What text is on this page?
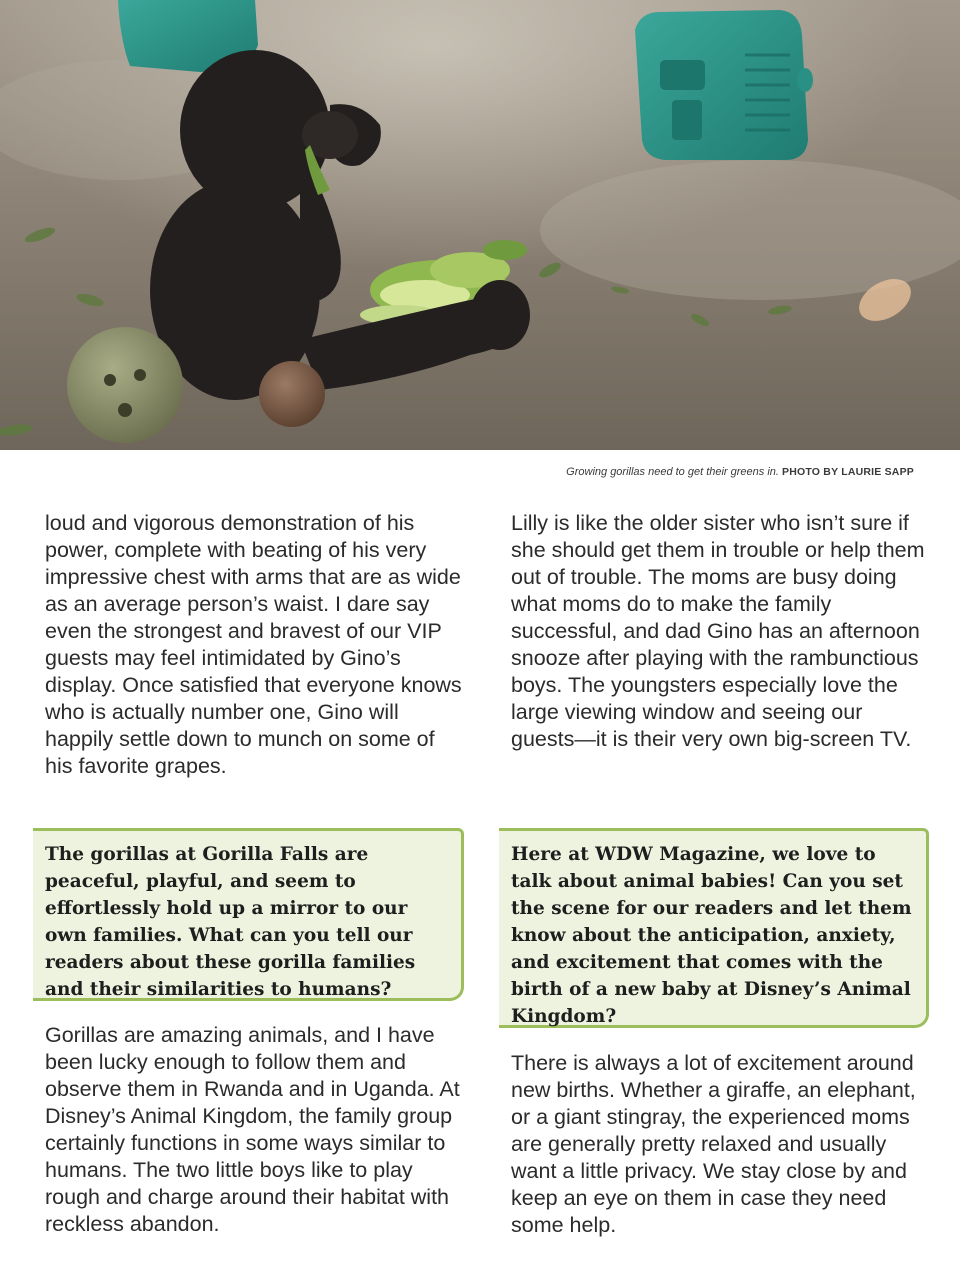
Growing gorillas need to get their greens in. PHOTO BY LAURIE SAPP

loud and vigorous demonstration of his power, complete with beating of his very impressive chest with arms that are as wide as an average person’s waist. I dare say even the strongest and bravest of our VIP guests may feel intimidated by Gino’s display. Once satisfied that everyone knows who is actually number one, Gino will happily settle down to munch on some of his favorite grapes.

The gorillas at Gorilla Falls are peaceful, playful, and seem to effortlessly hold up a mirror to our own families. What can you tell our readers about these gorilla families and their similarities to humans?

Gorillas are amazing animals, and I have been lucky enough to follow them and observe them in Rwanda and in Uganda. At Disney’s Animal Kingdom, the family group certainly functions in some ways similar to humans. The two little boys like to play rough and charge around their habitat with reckless abandon.

Lilly is like the older sister who isn’t sure if she should get them in trouble or help them out of trouble. The moms are busy doing what moms do to make the family successful, and dad Gino has an afternoon snooze after playing with the rambunctious boys. The youngsters especially love the large viewing window and seeing our guests—it is their very own big-screen TV.

Here at WDW Magazine, we love to talk about animal babies! Can you set the scene for our readers and let them know about the anticipation, anxiety, and excitement that comes with the birth of a new baby at Disney’s Animal Kingdom?

There is always a lot of excitement around new births. Whether a giraffe, an elephant, or a giant stingray, the experienced moms are generally pretty relaxed and usually want a little privacy. We stay close by and keep an eye on them in case they need some help.
